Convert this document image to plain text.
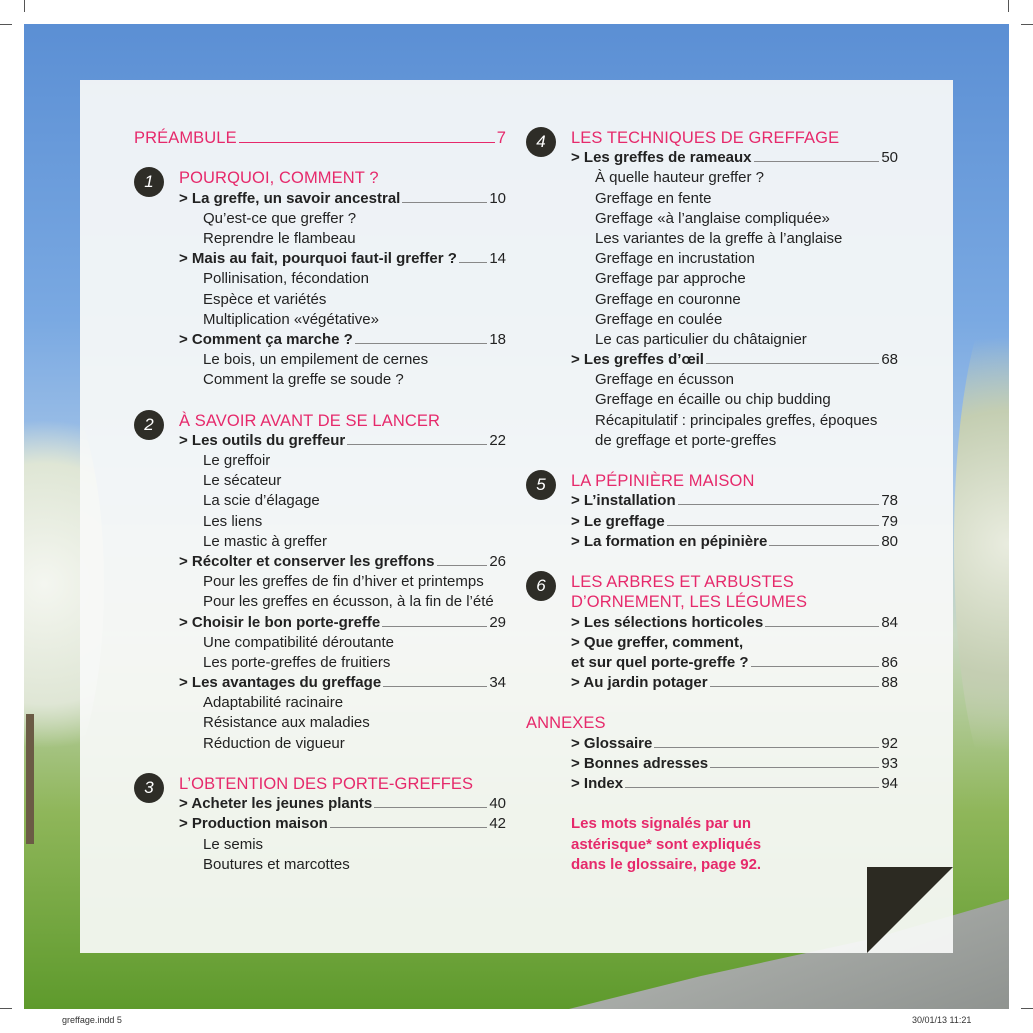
PRÉAMBULE	7
1	POURQUOI, COMMENT ?
> La greffe, un savoir ancestral	10
Qu’est-ce que greffer ?
Reprendre le flambeau
> Mais au fait, pourquoi faut-il greffer ? 14
Pollinisation, fécondation
Espèce et variétés
Multiplication «végétative»
> Comment ça marche ?	18
Le bois, un empilement de cernes
Comment la greffe se soude ?
2	À SAVOIR AVANT DE SE LANCER
> Les outils du greffeur	22
Le greffoir
Le sécateur
La scie d’élagage
Les liens
Le mastic à greffer
> Récolter et conserver les greffons	26
Pour les greffes de fin d’hiver et printemps
Pour les greffes en écusson, à la fin de l’été
> Choisir le bon porte-greffe	29
Une compatibilité déroutante
Les porte-greffes de fruitiers
> Les avantages du greffage	34
Adaptabilité racinaire
Résistance aux maladies
Réduction de vigueur
3	L’OBTENTION DES PORTE-GREFFES
> Acheter les jeunes plants	40
> Production maison	42
Le semis
Boutures et marcottes
4	LES TECHNIQUES DE GREFFAGE
> Les greffes de rameaux	50
À quelle hauteur greffer ?
Greffage en fente
Greffage «à l’anglaise compliquée»
Les variantes de la greffe à l’anglaise
Greffage en incrustation
Greffage par approche
Greffage en couronne
Greffage en coulée
Le cas particulier du châtaignier
> Les greffes d’œil	68
Greffage en écusson
Greffage en écaille ou chip budding
Récapitulatif : principales greffes, époques
de greffage et porte-greffes
5	LA PÉPINIÈRE MAISON
> L’installation	78
> Le greffage	79
> La formation en pépinière	80
6	LES ARBRES ET ARBUSTES
D’ORNEMENT, LES LÉGUMES
> Les sélections horticoles	84
> Que greffer, comment,
et sur quel porte-greffe ?	86
> Au jardin potager	88
ANNEXES
> Glossaire	92
> Bonnes adresses	93
> Index	94
Les mots signalés par un
astérisque* sont expliqués
dans le glossaire, page 92.
greffage.indd 5	30/01/13 11:21
